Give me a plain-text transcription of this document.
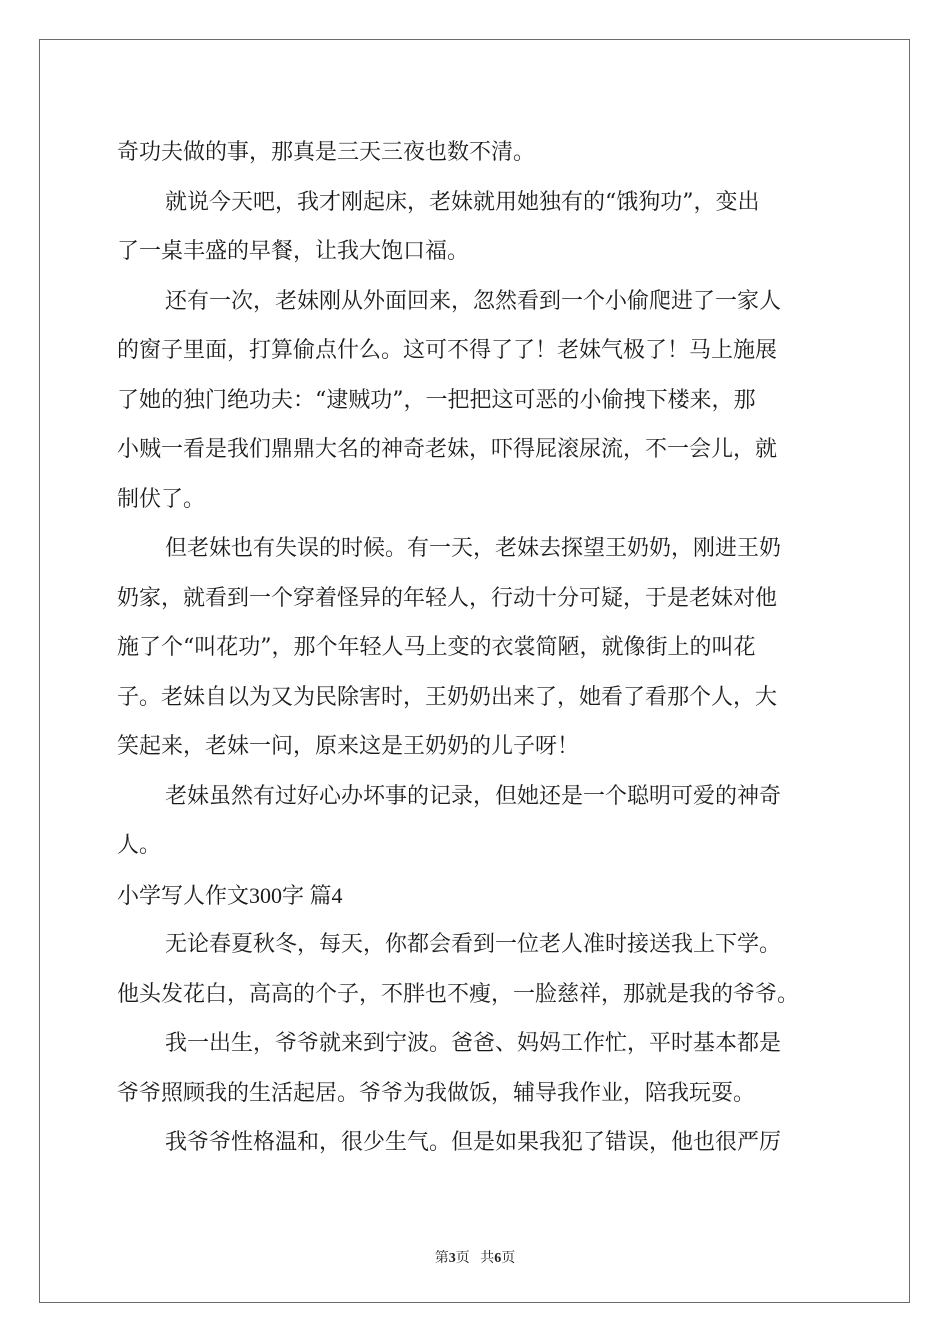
奇功夫做的事，那真是三天三夜也数不清。
就说今天吧，我才刚起床，老妹就用她独有的“饿狗功”，变出
了一桌丰盛的早餐，让我大饱口福。
还有一次，老妹刚从外面回来，忽然看到一个小偷爬进了一家人
的窗子里面，打算偷点什么。这可不得了了！老妹气极了！马上施展
了她的独门绝功夫：“逮贼功”，一把把这可恶的小偷拽下楼来，那
小贼一看是我们鼎鼎大名的神奇老妹，吓得屁滚尿流，不一会儿，就
制伏了。
但老妹也有失误的时候。有一天，老妹去探望王奶奶，刚进王奶
奶家，就看到一个穿着怪异的年轻人，行动十分可疑，于是老妹对他
施了个“叫花功”，那个年轻人马上变的衣裳简陋，就像街上的叫花
子。老妹自以为又为民除害时，王奶奶出来了，她看了看那个人，大
笑起来，老妹一问，原来这是王奶奶的儿子呀！
老妹虽然有过好心办坏事的记录，但她还是一个聪明可爱的神奇
人。
小学写人作文300字 篇4
无论春夏秋冬，每天，你都会看到一位老人准时接送我上下学。
他头发花白，高高的个子，不胖也不瘦，一脸慈祥，那就是我的爷爷。
我一出生，爷爷就来到宁波。爸爸、妈妈工作忙，平时基本都是
爷爷照顾我的生活起居。爷爷为我做饭，辅导我作业，陪我玩耍。
我爷爷性格温和，很少生气。但是如果我犯了错误，他也很严厉
第3页 共6页
